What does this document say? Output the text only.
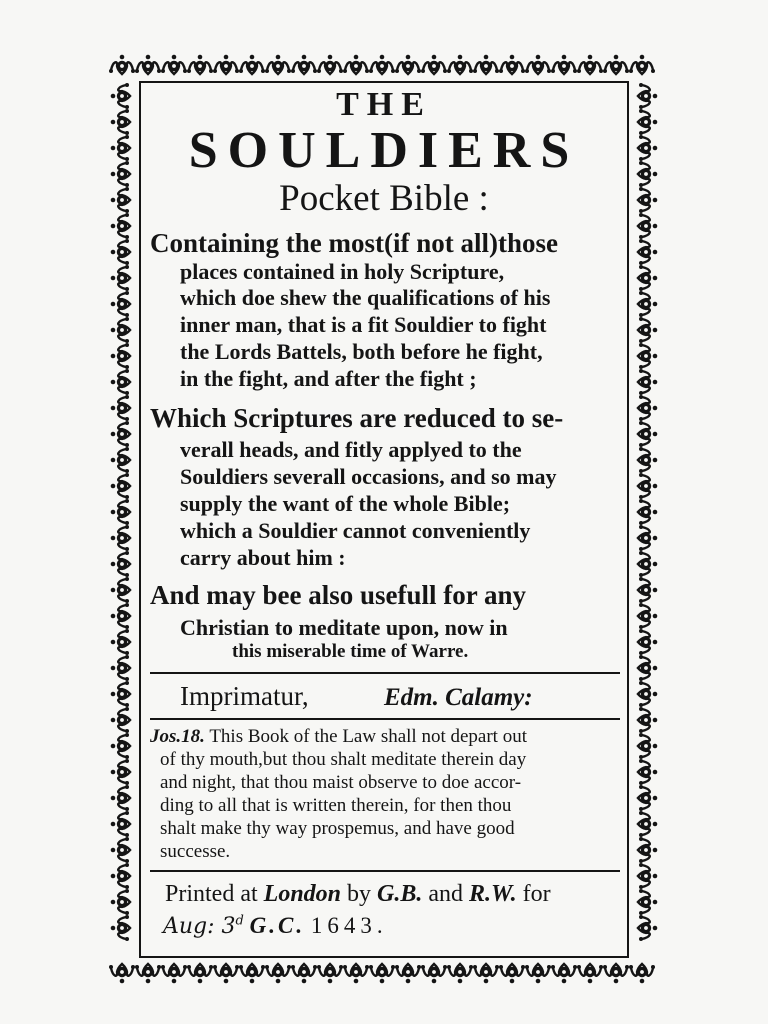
THE

SOULDIERS

Pocket Bible :

Containing the most(if not all)those

places contained in holy Scripture,

which doe shew the qualifications of his

inner man, that is a fit Souldier to fight

the Lords Battels, both before he fight,

in the fight, and after the fight ;

Which Scriptures are reduced to se-

verall heads, and fitly applyed to the

Souldiers severall occasions, and so may

supply the want of the whole Bible;

which a Souldier cannot conveniently

carry about him :

And may bee also usefull for any

Christian to meditate upon, now in

this miserable time of Warre.

Imprimatur,	Edm. Calamy:

Jos.18. This Book of the Law shall not depart out

of thy mouth,but thou shalt meditate therein day

and night, that thou maist observe to doe accor-

ding to all that is written therein, for then thou

shalt make thy way prospemus, and have good

successe.

Printed at London by G.B. and R.W. for

Aug: 3$^d$ G.C. 1643.
